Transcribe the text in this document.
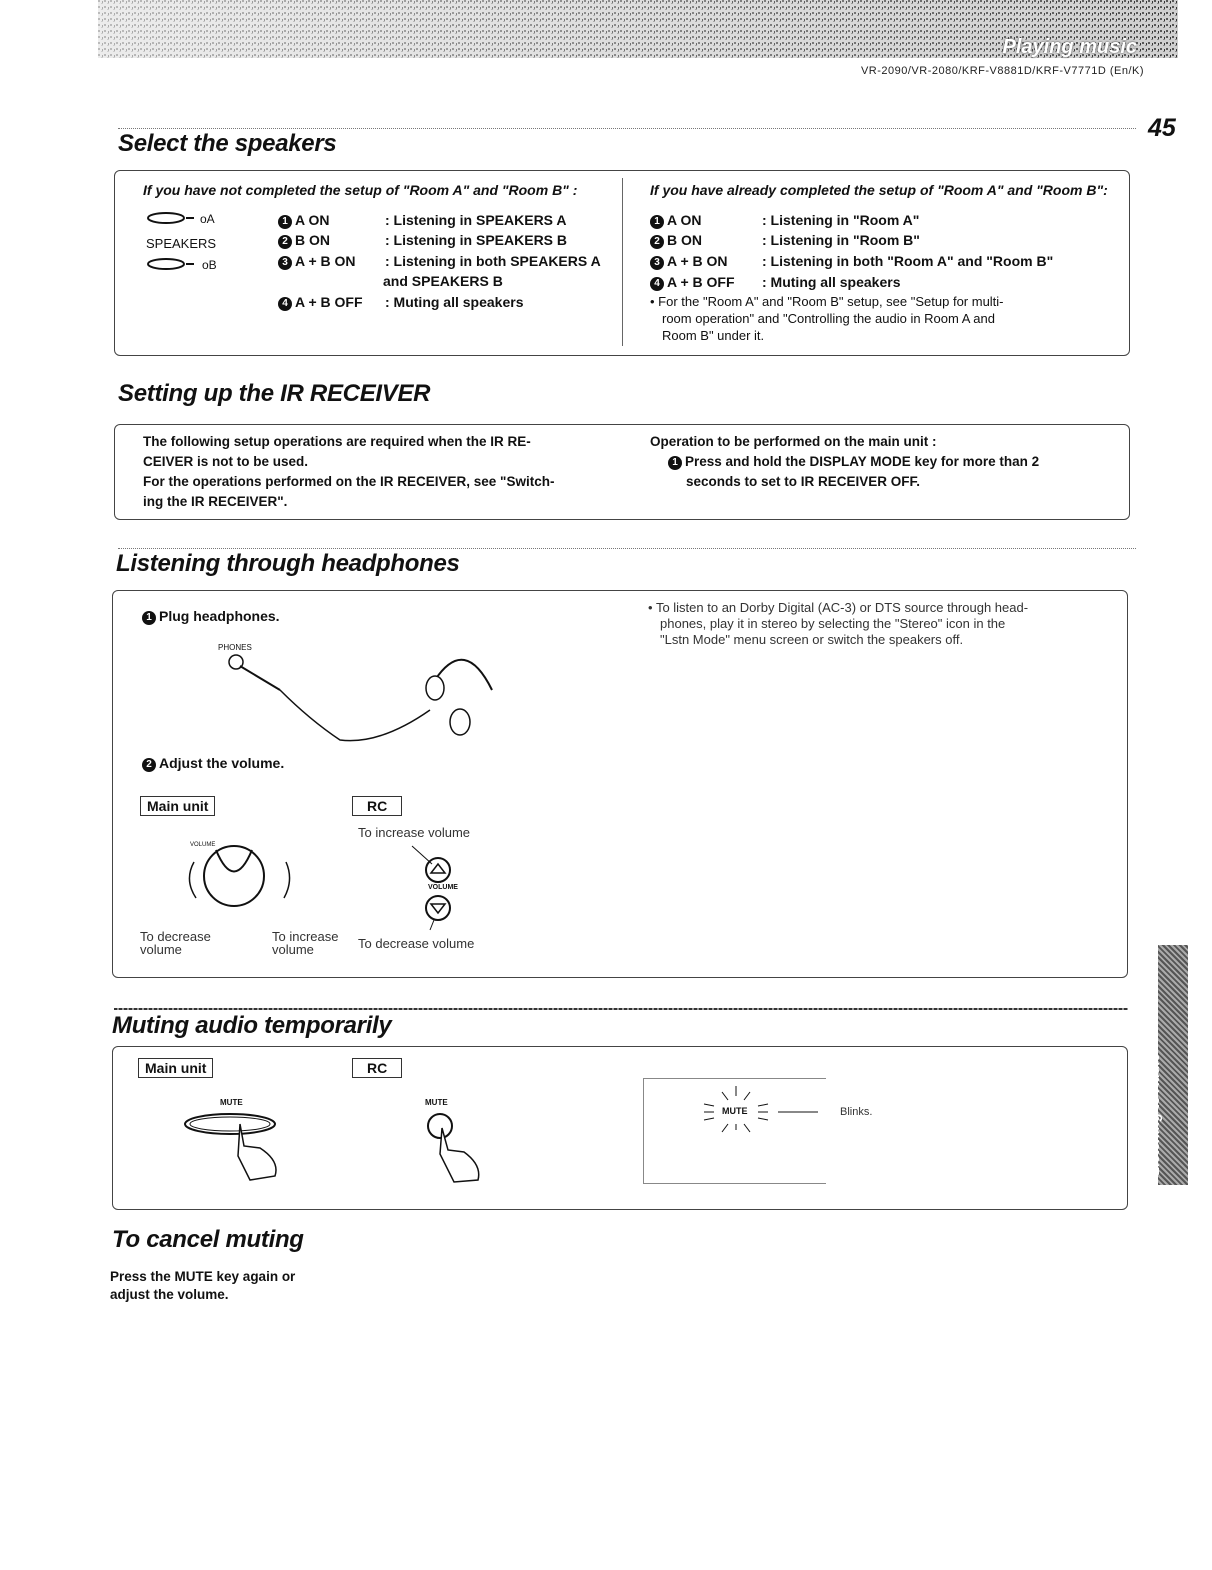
Playing music
VR-2090/VR-2080/KRF-V8881D/KRF-V7771D (En/K)
45
Listening to Audio
Select the speakers
If you have not completed the setup of "Room A" and "Room B" :
oA
SPEAKERS
oB
1 A ON	: Listening in SPEAKERS A
2 B ON	: Listening in SPEAKERS B
3 A + B ON : Listening in both SPEAKERS A
and SPEAKERS B
4 A + B OFF : Muting all speakers
If you have already completed the setup of "Room A" and "Room B":
1 A ON	: Listening in "Room A"
2 B ON	: Listening in "Room B"
3 A + B ON : Listening in both "Room A" and "Room B"
4 A + B OFF : Muting all speakers
• For the "Room A" and "Room B" setup, see "Setup for multi-
room operation" and "Controlling the audio in Room A and
Room B" under it.
Setting up the IR RECEIVER
The following setup operations are required when the IR RE-
CEIVER is not to be used.
For the operations performed on the IR RECEIVER, see "Switch-
ing the IR RECEIVER".
Operation to be performed on the main unit :
1 Press and hold the DISPLAY MODE key for more than 2
seconds to set to IR RECEIVER OFF.
Listening through headphones
1 Plug headphones.
PHONES
2 Adjust the volume.
Main unit	RC
VOLUME
To decrease
volume
To increase
volume
To increase volume
VOLUME
To decrease volume
• To listen to an Dorby Digital (AC-3) or DTS source through head-
phones, play it in stereo by selecting the "Stereo" icon in the
"Lstn Mode" menu screen or switch the speakers off.
Muting audio temporarily
Main unit	RC
MUTE	MUTE
MUTE	Blinks.
To cancel muting
Press the MUTE key again or
adjust the volume.
